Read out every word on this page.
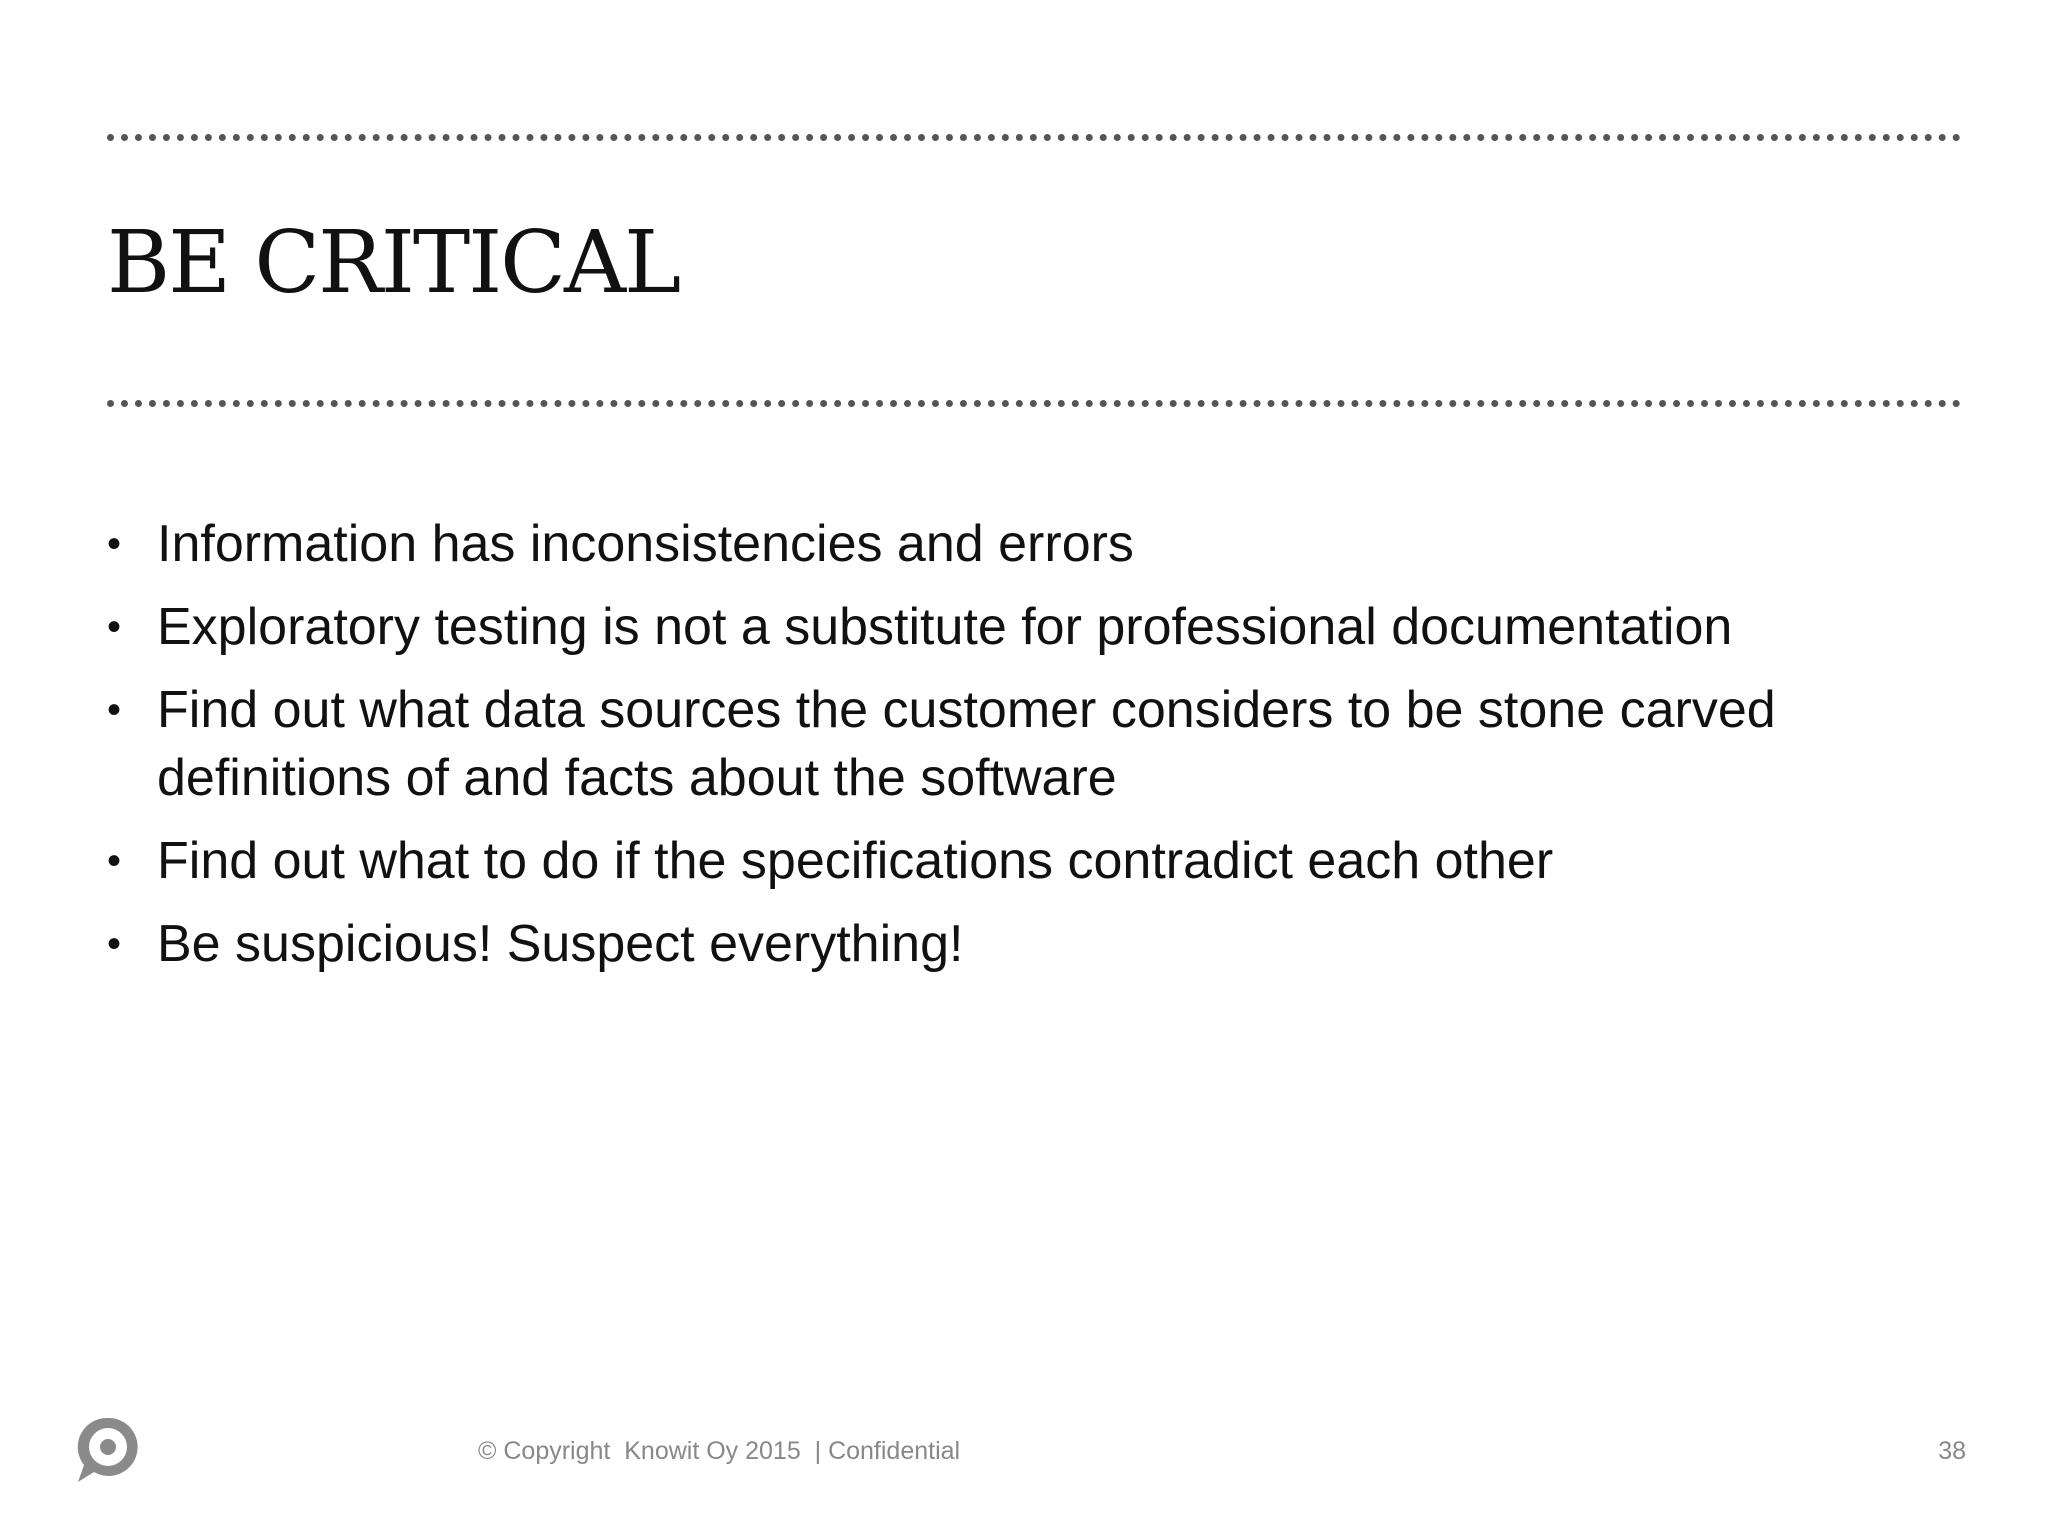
BE CRITICAL
• Information has inconsistencies and errors
• Exploratory testing is not a substitute for professional documentation
• Find out what data sources the customer considers to be stone carved definitions of and facts about the software
• Find out what to do if the specifications contradict each other
• Be suspicious! Suspect everything!
© Copyright  Knowit Oy 2015  | Confidential	38
